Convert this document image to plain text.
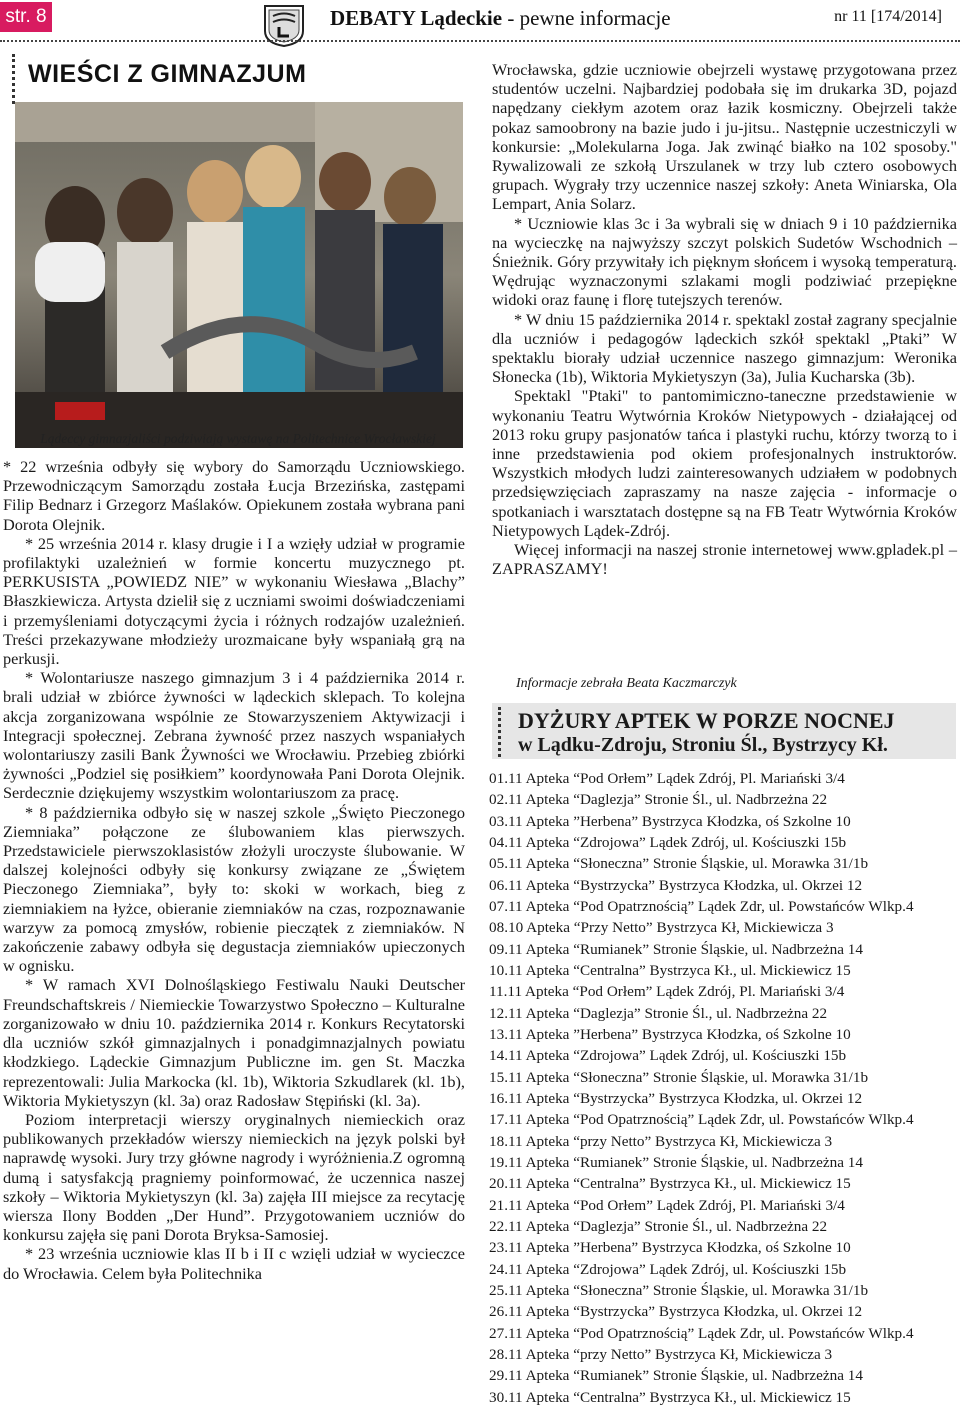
str. 8	DEBATY Lądeckie - pewne informacje	nr 11 [174/2014]
WIEŚCI Z GIMNAZJUM
Lądeccy gimnazjaliści podziwiają wystawę na Politechnice Wrocławskiej

* 22 września odbyły się wybory do Samorządu Uczniowskiego. Przewodniczącym Samorządu została Łucja Brzezińska, zastępami Filip Bednarz i Grzegorz Maślaków. Opiekunem została wybrana pani Dorota Olejnik.

* 25 września 2014 r. klasy drugie i I a wzięły udział w programie profilaktyki uzależnień w formie koncertu muzycznego pt. PERKUSISTA „POWIEDZ NIE” w wykonaniu Wiesława „Blachy” Błaszkiewicza. Artysta dzielił się z uczniami swoimi doświadczeniami i przemyśleniami dotyczącymi życia i różnych rodzajów uzależnień. Treści przekazywane młodzieży urozmaicane były wspaniałą grą na perkusji.

* Wolontariusze naszego gimnazjum 3 i 4 października 2014 r. brali udział w zbiórce żywności w lądeckich sklepach. To kolejna akcja zorganizowana wspólnie ze Stowarzyszeniem Aktywizacji i Integracji społecznej. Zebrana żywność przez naszych wspaniałych wolontariuszy zasili Bank Żywności we Wrocławiu. Przebieg zbiórki żywności „Podziel się posiłkiem” koordynowała Pani Dorota Olejnik. Serdecznie dziękujemy wszystkim wolontariuszom za pracę.

* 8 października odbyło się w naszej szkole „Święto Pieczonego Ziemniaka” połączone ze ślubowaniem klas pierwszych. Przedstawiciele pierwszoklasistów złożyli uroczyste ślubowanie. W dalszej kolejności odbyły się konkursy związane ze „Świętem Pieczonego Ziemniaka”, były to: skoki w workach, bieg z ziemniakiem na łyżce, obieranie ziemniaków na czas, rozpoznawanie warzyw za pomocą zmysłów, robienie pieczątek z ziemniaków. N zakończenie zabawy odbyła się degustacja ziemniaków upieczonych w ognisku.

* W ramach XVI Dolnośląskiego Festiwalu Nauki Deutscher Freundschaftskreis / Niemieckie Towarzystwo Społeczno – Kulturalne zorganizowało w dniu 10. października 2014 r. Konkurs Recytatorski dla uczniów szkół gimnazjalnych i ponadgimnazjalnych powiatu kłodzkiego. Lądeckie Gimnazjum Publiczne im. gen St. Maczka reprezentowali: Julia Markocka (kl. 1b), Wiktoria Szkudlarek (kl. 1b), Wiktoria Mykietyszyn (kl. 3a) oraz Radosław Stępiński (kl. 3a).

Poziom interpretacji wierszy oryginalnych niemieckich oraz publikowanych przekładów wierszy niemieckich na język polski był naprawdę wysoki. Jury trzy główne nagrody i wyróżnienia.Z ogromną dumą i satysfakcją pragniemy poinformować, że uczennica naszej szkoły – Wiktoria Mykietyszyn (kl. 3a) zajęła III miejsce za recytację wiersza Ilony Bodden „Der Hund”. Przygotowaniem uczniów do konkursu zajęła się pani Dorota Bryksa-Samosiej.

* 23 września uczniowie klas II b i II c wzięli udział w wycieczce do Wrocławia. Celem była Politechnika

Wrocławska, gdzie uczniowie obejrzeli wystawę przygotowana przez studentów uczelni. Najbardziej podobała się im drukarka 3D, pojazd napędzany ciekłym azotem oraz łazik kosmiczny. Obejrzeli także pokaz samoobrony na bazie judo i ju-jitsu.. Następnie uczestniczyli w konkursie: „Molekularna Joga. Jak zwinąć białko na 102 sposoby." Rywalizowali ze szkołą Urszulanek w trzy lub cztero osobowych grupach. Wygrały trzy uczennice naszej szkoły: Aneta Winiarska, Ola Lempart, Ania Solarz.

* Uczniowie klas 3c i 3a wybrali się w dniach 9 i 10 października na wycieczkę na najwyższy szczyt polskich Sudetów Wschodnich – Śnieżnik. Góry przywitały ich pięknym słońcem i wysoką temperaturą. Wędrując wyznaczonymi szlakami mogli podziwiać przepiękne widoki oraz faunę i florę tutejszych terenów.

* W dniu 15 października 2014 r. spektakl został zagrany specjalnie dla uczniów i pedagogów lądeckich szkół spektakl „Ptaki” W spektaklu biorały udział uczennice naszego gimnazjum: Weronika Słonecka (1b), Wiktoria Mykietyszyn (3a), Julia Kucharska (3b).

Spektakl "Ptaki" to pantomimiczno-taneczne przedstawienie w wykonaniu Teatru Wytwórnia Kroków Nietypowych - działającej od 2013 roku grupy pasjonatów tańca i plastyki ruchu, którzy tworzą to i inne przedstawienia pod okiem profesjonalnych instruktorów. Wszystkich młodych ludzi zainteresowanych udziałem w podobnych przedsięwzięciach zapraszamy na nasze zajęcia - informacje o spotkaniach i warsztatach dostępne są na FB Teatr Wytwórnia Kroków Nietypowych Lądek-Zdrój.

Więcej informacji na naszej stronie internetowej www.gpladek.pl – ZAPRASZAMY!

Informacje zebrała Beata Kaczmarczyk
DYŻURY APTEK W PORZE NOCNEJ
w Lądku-Zdroju, Stroniu Śl., Bystrzycy Kł.
01.11 Apteka “Pod Orłem” Lądek Zdrój, Pl. Mariański 3/4
02.11 Apteka “Daglezja” Stronie Śl., ul. Nadbrzeżna 22
03.11 Apteka ”Herbena” Bystrzyca Kłodzka, oś Szkolne 10
04.11 Apteka “Zdrojowa” Lądek Zdrój, ul. Kościuszki 15b
05.11 Apteka “Słoneczna” Stronie Śląskie, ul. Morawka 31/1b
06.11 Apteka “Bystrzycka” Bystrzyca Kłodzka, ul. Okrzei 12
07.11 Apteka “Pod Opatrznością” Lądek Zdr, ul. Powstańców Wlkp.4
08.10 Apteka “Przy Netto” Bystrzyca Kł, Mickiewicza 3
09.11 Apteka “Rumianek” Stronie Śląskie, ul. Nadbrzeżna 14
10.11 Apteka “Centralna” Bystrzyca Kł., ul. Mickiewicz 15
11.11 Apteka “Pod Orłem” Lądek Zdrój, Pl. Mariański 3/4
12.11 Apteka “Daglezja” Stronie Śl., ul. Nadbrzeżna 22
13.11 Apteka ”Herbena” Bystrzyca Kłodzka, oś Szkolne 10
14.11 Apteka “Zdrojowa” Lądek Zdrój, ul. Kościuszki 15b
15.11 Apteka “Słoneczna” Stronie Śląskie, ul. Morawka 31/1b
16.11 Apteka “Bystrzycka” Bystrzyca Kłodzka, ul. Okrzei 12
17.11 Apteka “Pod Opatrznością” Lądek Zdr, ul. Powstańców Wlkp.4
18.11 Apteka “przy Netto” Bystrzyca Kł, Mickiewicza 3
19.11 Apteka “Rumianek” Stronie Śląskie, ul. Nadbrzeżna 14
20.11 Apteka “Centralna” Bystrzyca Kł., ul. Mickiewicz 15
21.11 Apteka “Pod Orłem” Lądek Zdrój, Pl. Mariański 3/4
22.11 Apteka “Daglezja” Stronie Śl., ul. Nadbrzeżna 22
23.11 Apteka ”Herbena” Bystrzyca Kłodzka, oś Szkolne 10
24.11 Apteka “Zdrojowa” Lądek Zdrój, ul. Kościuszki 15b
25.11 Apteka “Słoneczna” Stronie Śląskie, ul. Morawka 31/1b
26.11 Apteka “Bystrzycka” Bystrzyca Kłodzka, ul. Okrzei 12
27.11 Apteka “Pod Opatrznością” Lądek Zdr, ul. Powstańców Wlkp.4
28.11 Apteka “przy Netto” Bystrzyca Kł, Mickiewicza 3
29.11 Apteka “Rumianek” Stronie Śląskie, ul. Nadbrzeżna 14
30.11 Apteka “Centralna” Bystrzyca Kł., ul. Mickiewicz 15
